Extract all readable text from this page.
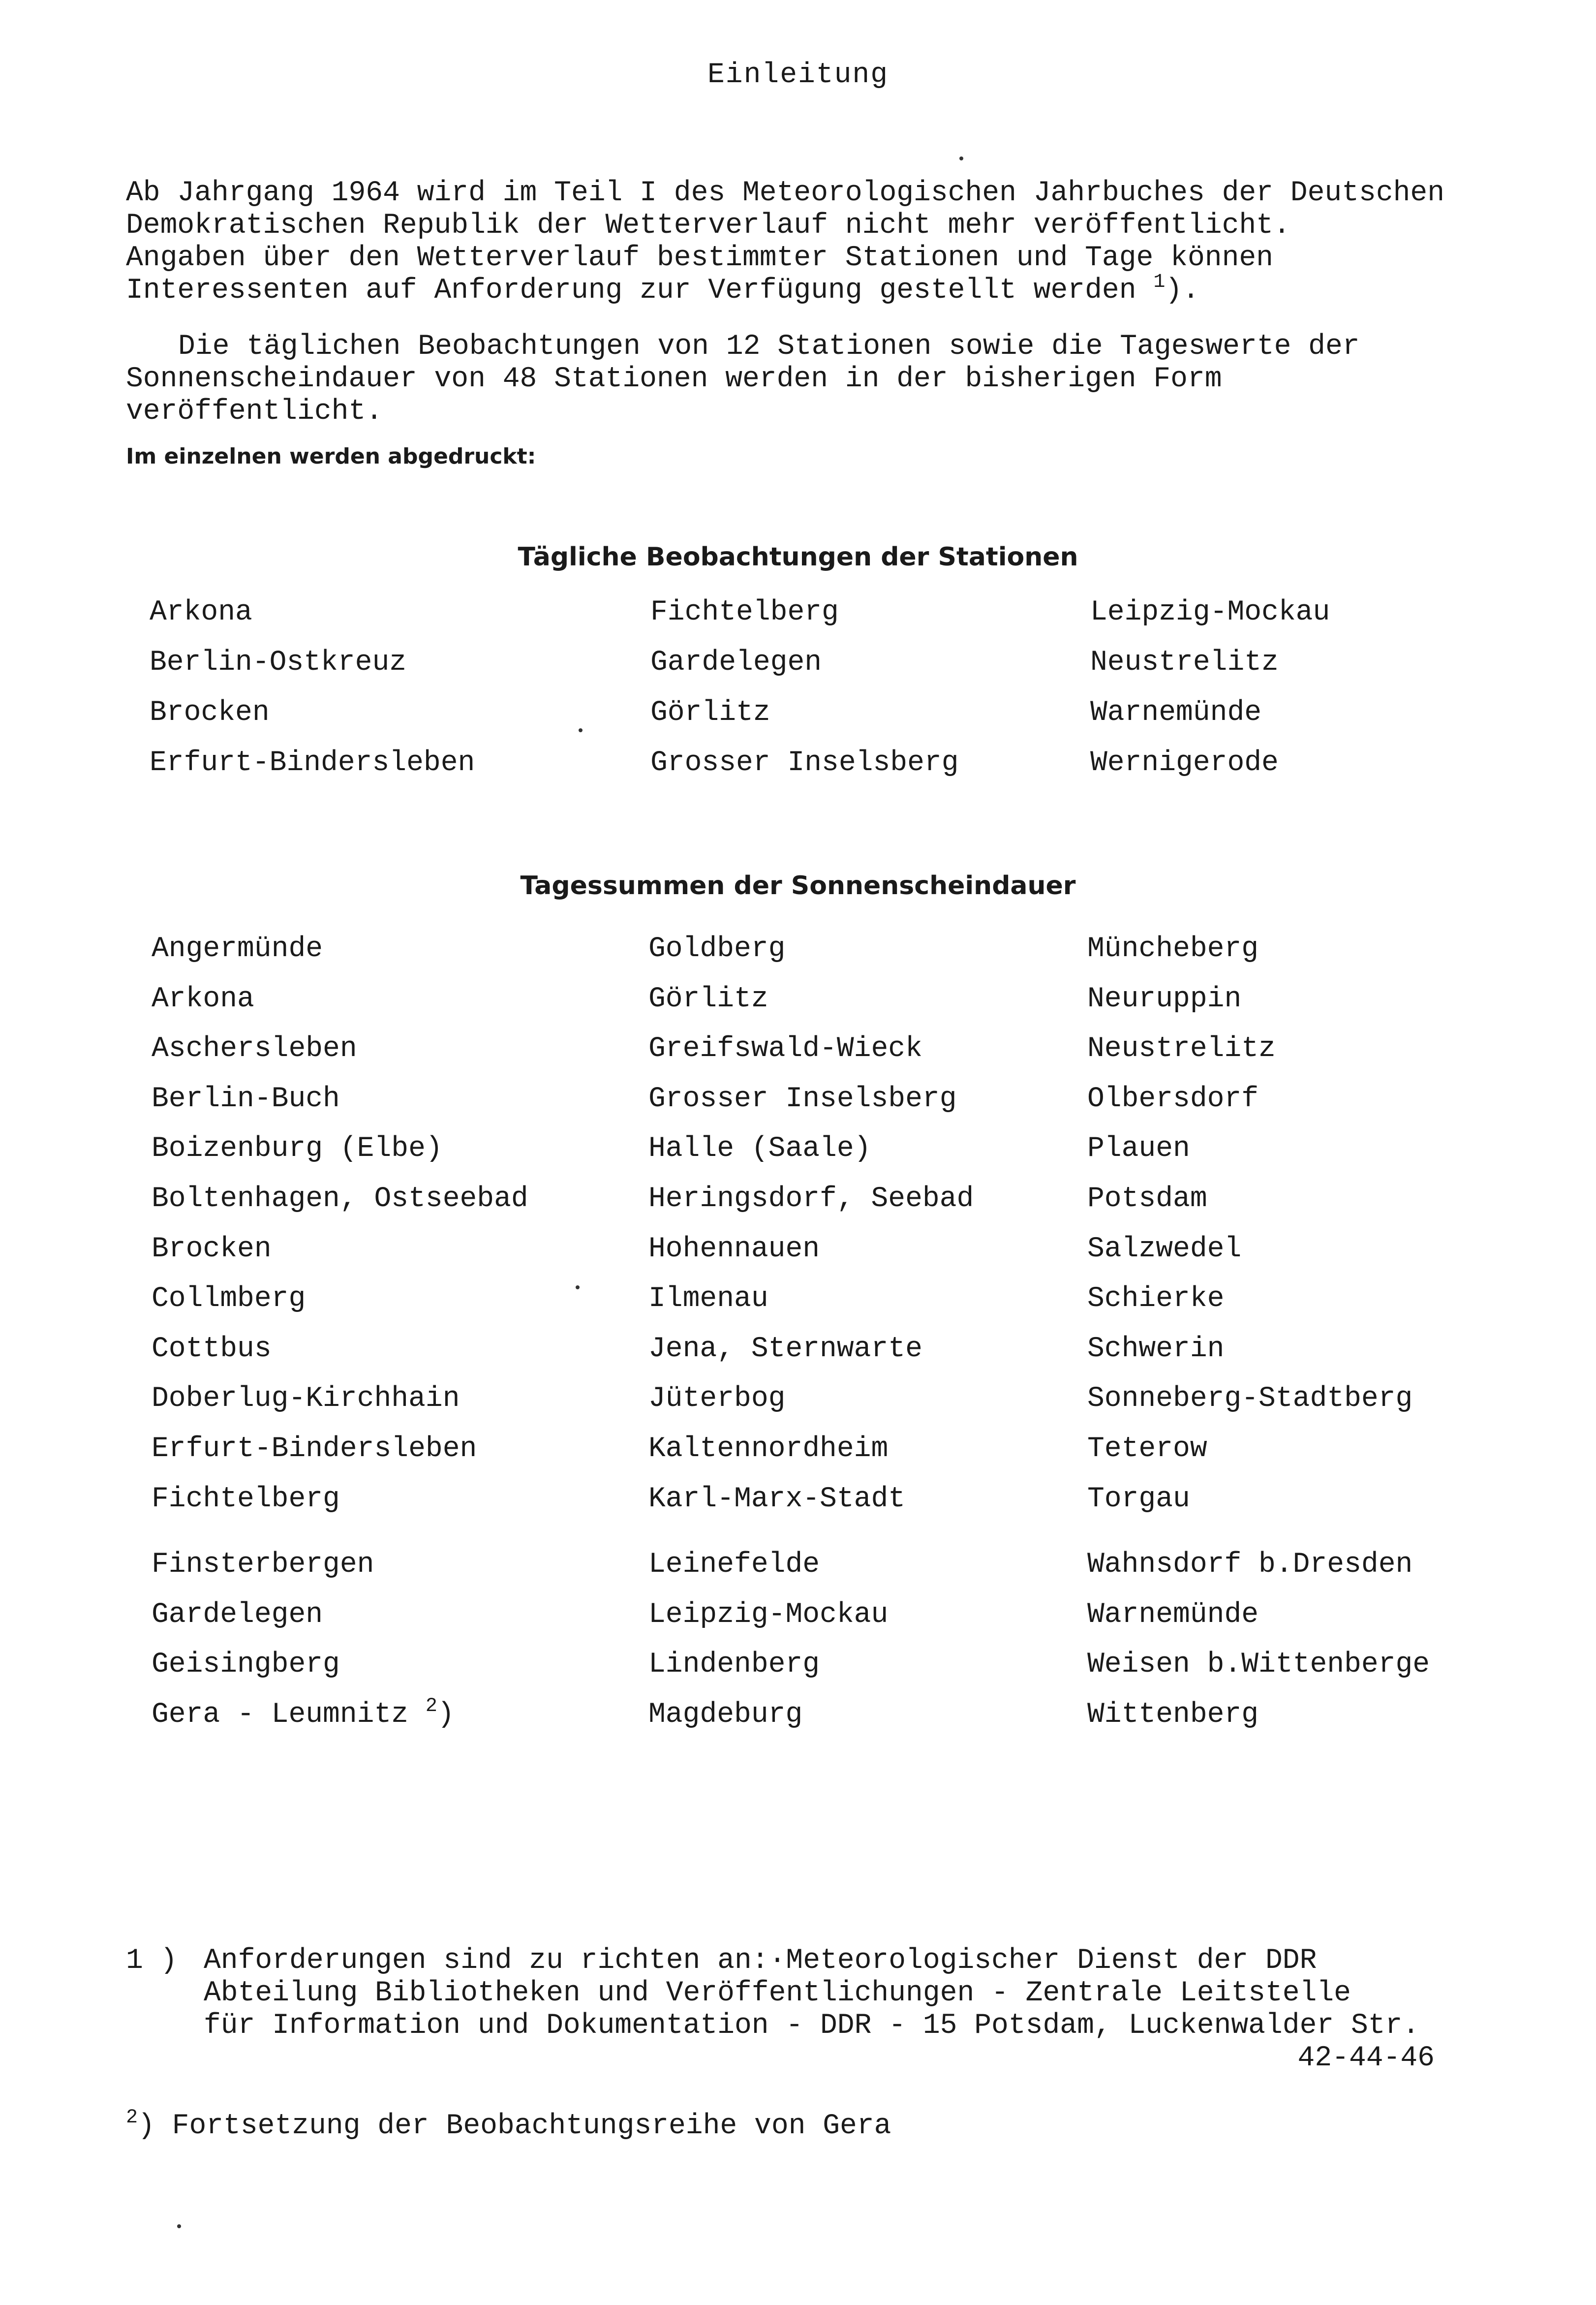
Einleitung
Ab Jahrgang 1964 wird im Teil I des Meteorologischen Jahrbuches der Deutschen
Demokratischen Republik der Wetterverlauf nicht mehr veröffentlicht.
Angaben über den Wetterverlauf bestimmter Stationen und Tage können
Interessenten auf Anforderung zur Verfügung gestellt werden $^1$).
Die täglichen Beobachtungen von 12 Stationen sowie die Tageswerte der
Sonnenscheindauer von 48 Stationen werden in der bisherigen Form
veröffentlicht.
Im einzelnen werden abgedruckt:
Tägliche Beobachtungen der Stationen
Arkona
Berlin-Ostkreuz
Brocken
Erfurt-Bindersleben
Fichtelberg
Gardelegen
Görlitz
Grosser Inselsberg
Leipzig-Mockau
Neustrelitz
Warnemünde
Wernigerode
Tagessummen der Sonnenscheindauer
Angermünde
Arkona
Aschersleben
Berlin-Buch
Boizenburg (Elbe)
Boltenhagen, Ostseebad
Brocken
Collmberg
Cottbus
Doberlug-Kirchhain
Erfurt-Bindersleben
Fichtelberg
Finsterbergen
Gardelegen
Geisingberg
Gera - Leumnitz $^2$)
Goldberg
Görlitz
Greifswald-Wieck
Grosser Inselsberg
Halle (Saale)
Heringsdorf, Seebad
Hohennauen
Ilmenau
Jena, Sternwarte
Jüterbog
Kaltennordheim
Karl-Marx-Stadt
Leinefelde
Leipzig-Mockau
Lindenberg
Magdeburg
Müncheberg
Neuruppin
Neustrelitz
Olbersdorf
Plauen
Potsdam
Salzwedel
Schierke
Schwerin
Sonneberg-Stadtberg
Teterow
Torgau
Wahnsdorf b.Dresden
Warnemünde
Weisen b.Wittenberge
Wittenberg
1 ) Anforderungen sind zu richten an:·Meteorologischer Dienst der DDR
Abteilung Bibliotheken und Veröffentlichungen - Zentrale Leitstelle
für Information und Dokumentation - DDR - 15 Potsdam, Luckenwalder Str.
42-44-46
$^2$) Fortsetzung der Beobachtungsreihe von Gera
